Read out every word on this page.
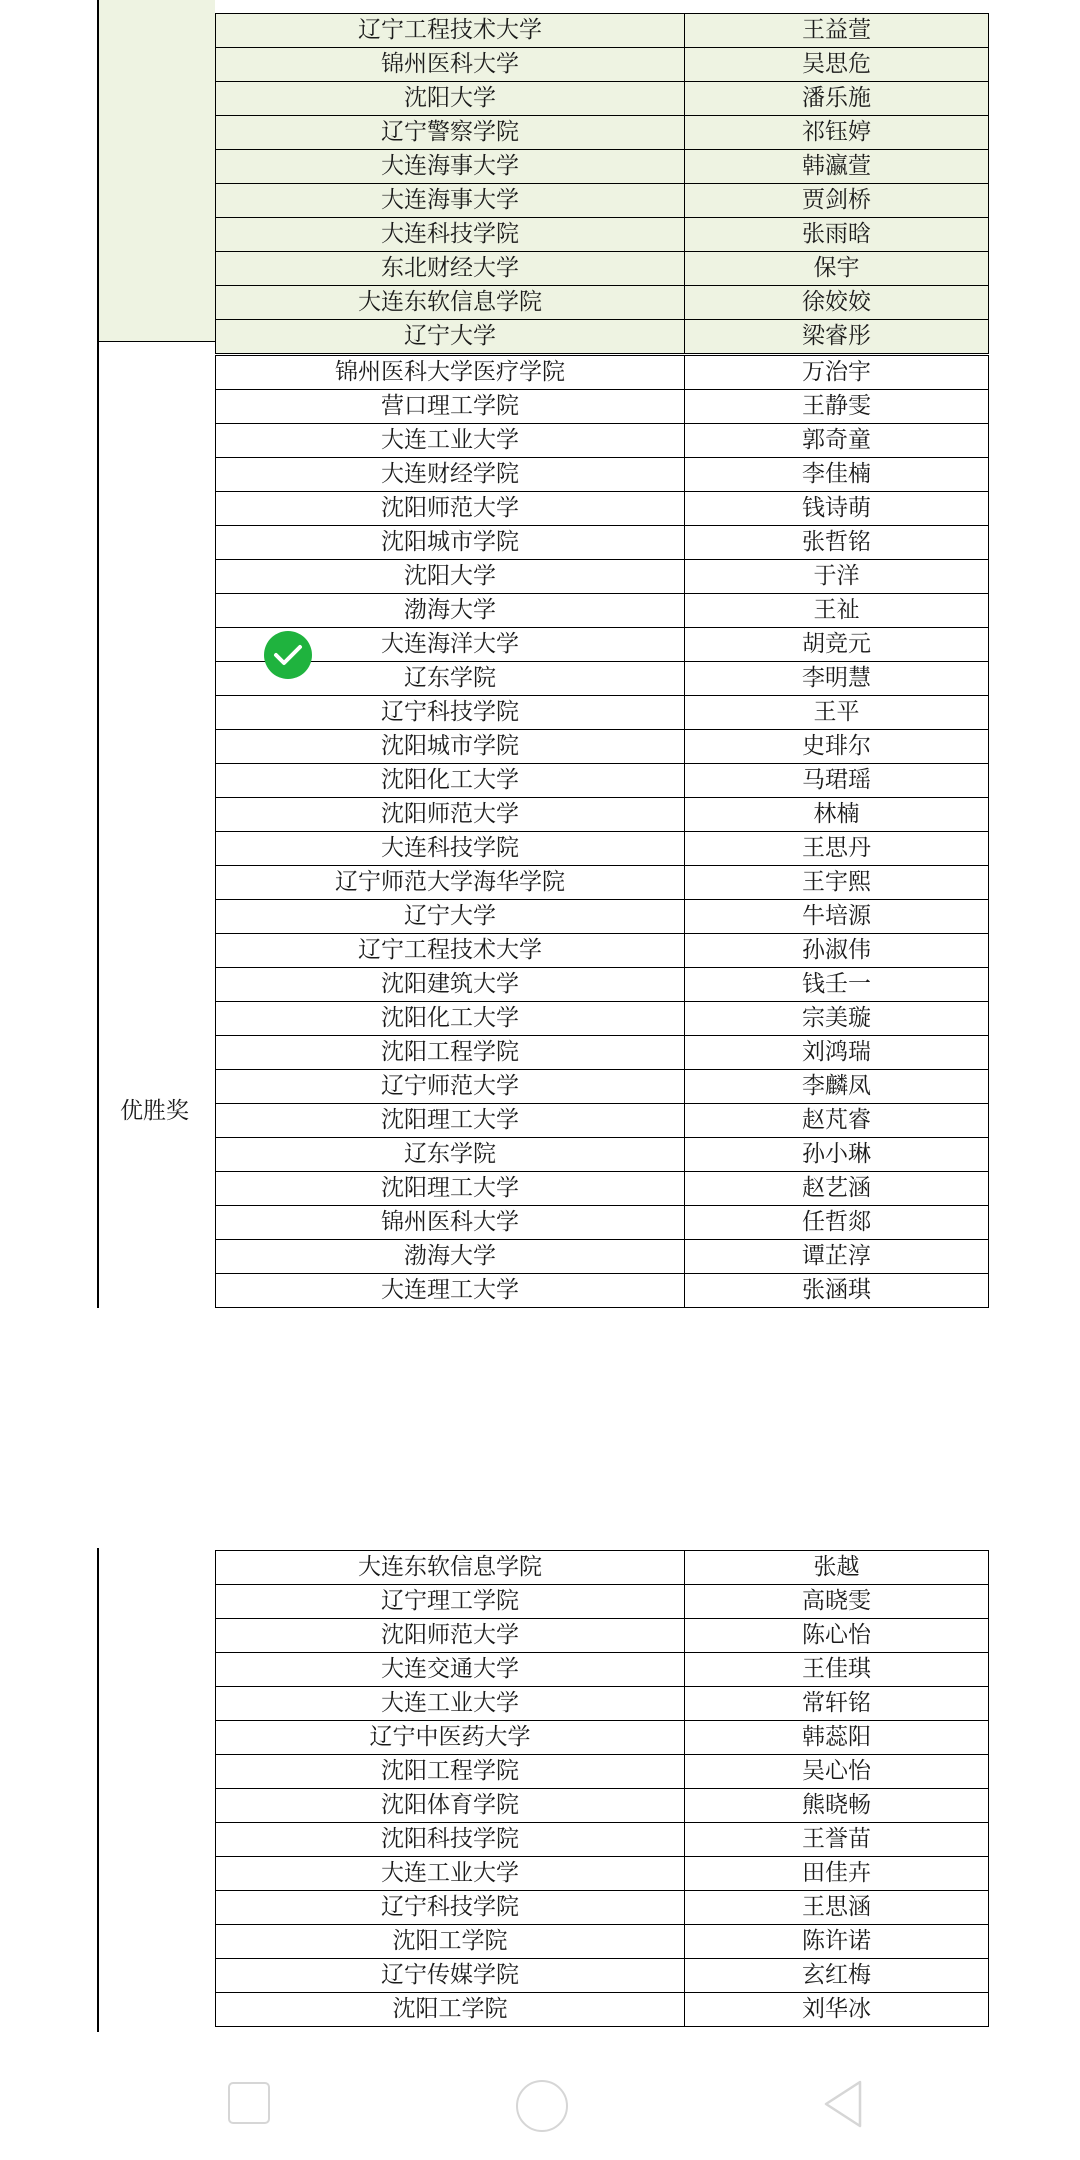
辽宁工程技术大学	王益萱
锦州医科大学	吴思危
沈阳大学	潘乐施
辽宁警察学院	祁钰婷
大连海事大学	韩瀛萱
大连海事大学	贾剑桥
大连科技学院	张雨晗
东北财经大学	保宇
大连东软信息学院	徐姣姣
辽宁大学	梁睿彤
锦州医科大学医疗学院	万治宇
营口理工学院	王静雯
大连工业大学	郭奇童
大连财经学院	李佳楠
沈阳师范大学	钱诗萌
沈阳城市学院	张哲铭
沈阳大学	于洋
渤海大学	王祉
大连海洋大学	胡竞元
辽东学院	李明慧
辽宁科技学院	王平
沈阳城市学院	史琲尔
沈阳化工大学	马珺瑶
沈阳师范大学	林楠
大连科技学院	王思丹
辽宁师范大学海华学院	王宇熙
辽宁大学	牛培源
辽宁工程技术大学	孙淑伟
沈阳建筑大学	钱壬一
沈阳化工大学	宗美璇
沈阳工程学院	刘鸿瑞
辽宁师范大学	李麟凤
沈阳理工大学	赵芃睿
辽东学院	孙小琳
沈阳理工大学	赵艺涵
锦州医科大学	任哲郯
渤海大学	谭芷淳
大连理工大学	张涵琪
优胜奖
大连东软信息学院	张越
辽宁理工学院	高晓雯
沈阳师范大学	陈心怡
大连交通大学	王佳琪
大连工业大学	常轩铭
辽宁中医药大学	韩蕊阳
沈阳工程学院	吴心怡
沈阳体育学院	熊晓畅
沈阳科技学院	王誉苗
大连工业大学	田佳卉
辽宁科技学院	王思涵
沈阳工学院	陈许诺
辽宁传媒学院	玄红梅
沈阳工学院	刘华冰
